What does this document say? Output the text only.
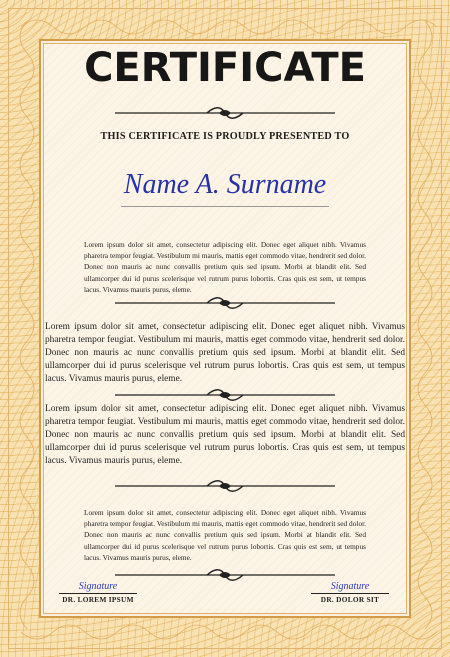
CERTIFICATE
THIS CERTIFICATE IS PROUDLY PRESENTED TO
Name A. Surname
Lorem ipsum dolor sit amet, consectetur adipiscing elit. Donec eget aliquet nibh. Vivamus pharetra tempor feugiat. Vestibulum mi mauris, mattis eget commodo vitae, hendrerit sed dolor. Donec non mauris ac nunc convallis pretium quis sed ipsum. Morbi at blandit elit. Sed ullamcorper dui id purus scelerisque vel rutrum purus lobortis. Cras quis est sem, ut tempus lacus. Vivamus mauris purus, eleme.
Lorem ipsum dolor sit amet, consectetur adipiscing elit. Donec eget aliquet nibh. Vivamus pharetra tempor feugiat. Vestibulum mi mauris, mattis eget commodo vitae, hendrerit sed dolor. Donec non mauris ac nunc convallis pretium quis sed ipsum. Morbi at blandit elit. Sed ullamcorper dui id purus scelerisque vel rutrum purus lobortis. Cras quis est sem, ut tempus lacus. Vivamus mauris purus, eleme.
Lorem ipsum dolor sit amet, consectetur adipiscing elit. Donec eget aliquet nibh. Vivamus pharetra tempor feugiat. Vestibulum mi mauris, mattis eget commodo vitae, hendrerit sed dolor. Donec non mauris ac nunc convallis pretium quis sed ipsum. Morbi at blandit elit. Sed ullamcorper dui id purus scelerisque vel rutrum purus lobortis. Cras quis est sem, ut tempus lacus. Vivamus mauris purus, eleme.
Lorem ipsum dolor sit amet, consectetur adipiscing elit. Donec eget aliquet nibh. Vivamus pharetra tempor feugiat. Vestibulum mi mauris, mattis eget commodo vitae, hendrerit sed dolor. Donec non mauris ac nunc convallis pretium quis sed ipsum. Morbi at blandit elit. Sed ullamcorper dui id purus scelerisque vel rutrum purus lobortis. Cras quis est sem, ut tempus lacus. Vivamus mauris purus, eleme.
Signature
DR. LOREM IPSUM
Signature
DR. DOLOR SIT
